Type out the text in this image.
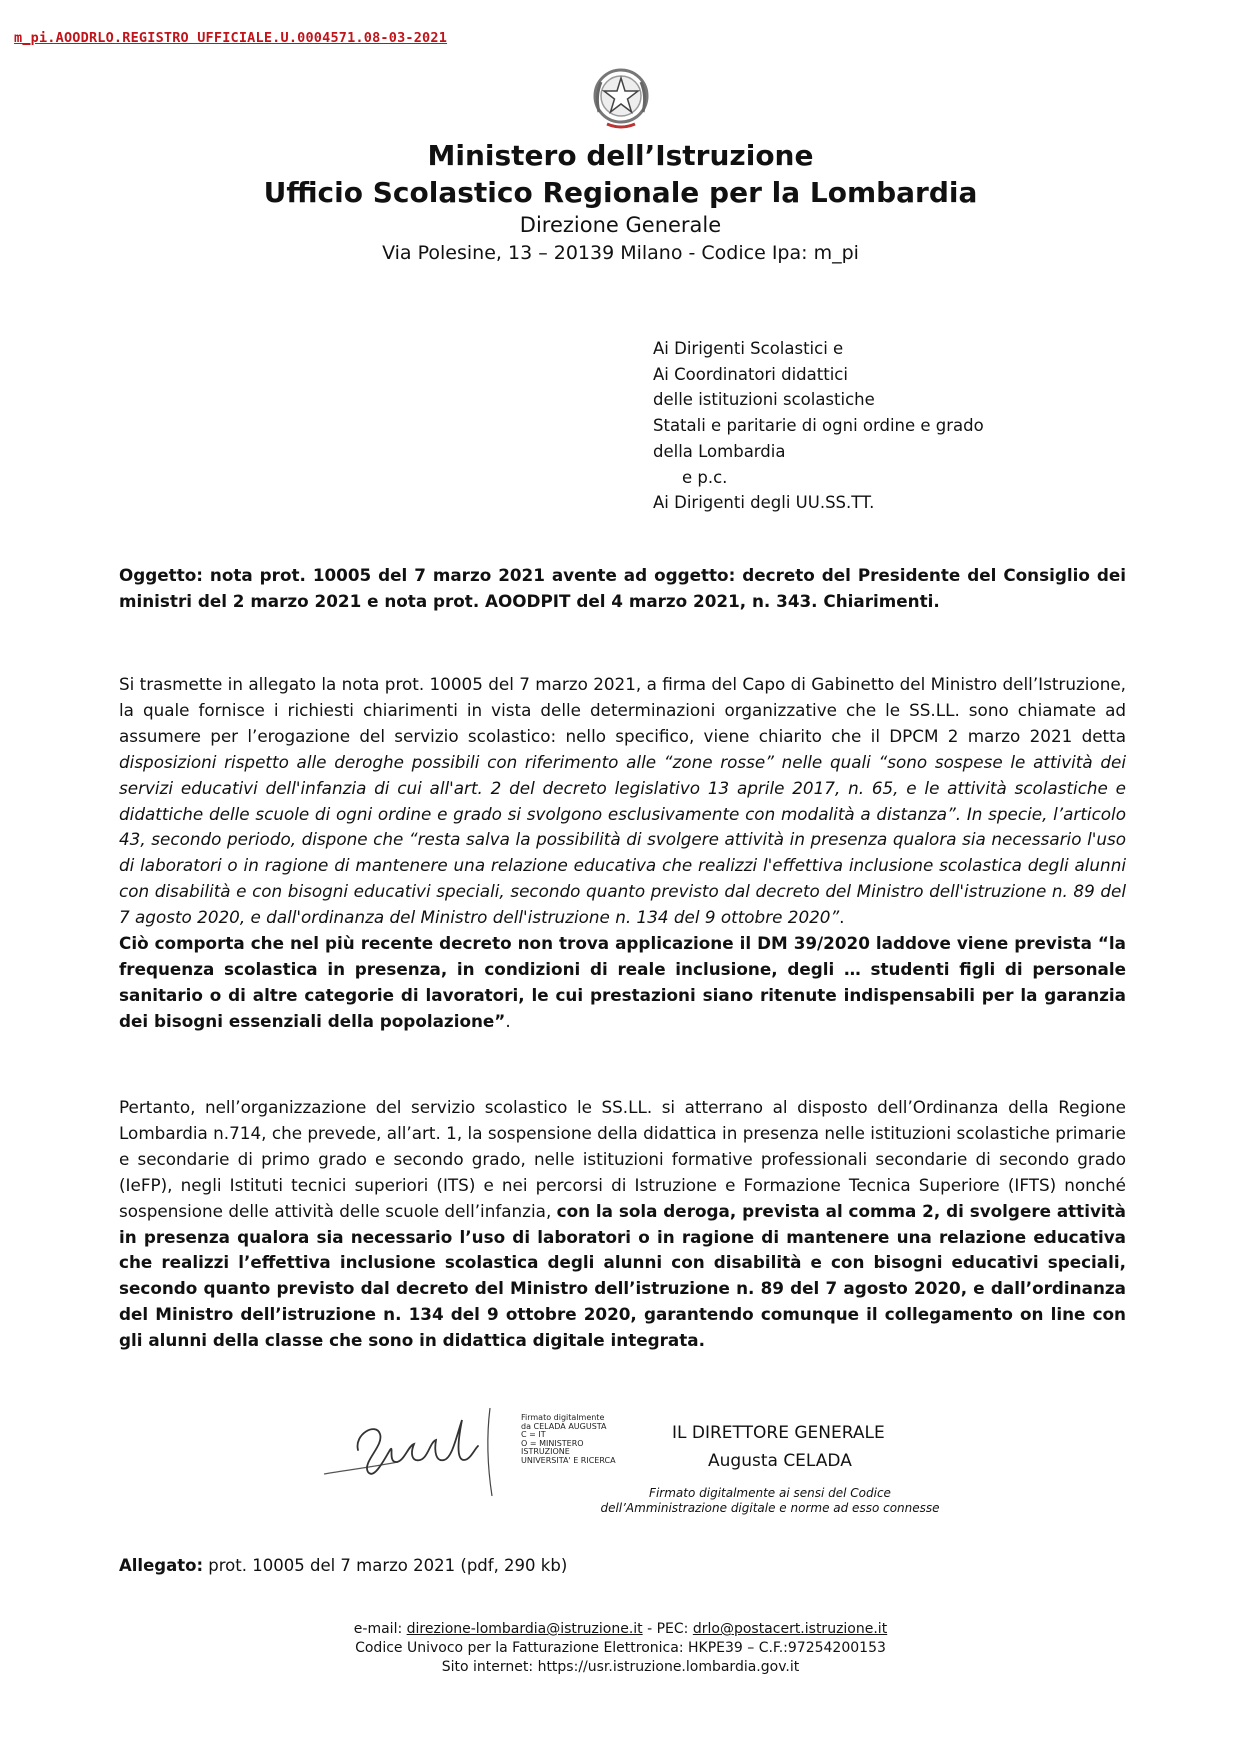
m_pi.AOODRLO.REGISTRO UFFICIALE.U.0004571.08-03-2021
Ministero dell’Istruzione
Ufficio Scolastico Regionale per la Lombardia
Direzione Generale
Via Polesine, 13 – 20139 Milano - Codice Ipa: m_pi
Ai Dirigenti Scolastici e
Ai Coordinatori didattici
delle istituzioni scolastiche
Statali e paritarie di ogni ordine e grado
della Lombardia
e p.c.
Ai Dirigenti degli UU.SS.TT.
Oggetto: nota prot. 10005 del 7 marzo 2021 avente ad oggetto: decreto del Presidente del Consiglio dei ministri del 2 marzo 2021 e nota prot. AOODPIT del 4 marzo 2021, n. 343. Chiarimenti.
Si trasmette in allegato la nota prot. 10005 del 7 marzo 2021, a firma del Capo di Gabinetto del Ministro dell’Istruzione, la quale fornisce i richiesti chiarimenti in vista delle determinazioni organizzative che le SS.LL. sono chiamate ad assumere per l’erogazione del servizio scolastico: nello specifico, viene chiarito che il DPCM 2 marzo 2021 detta disposizioni rispetto alle deroghe possibili con riferimento alle “zone rosse” nelle quali “sono sospese le attività dei servizi educativi dell'infanzia di cui all'art. 2 del decreto legislativo 13 aprile 2017, n. 65, e le attività scolastiche e didattiche delle scuole di ogni ordine e grado si svolgono esclusivamente con modalità a distanza”. In specie, l’articolo 43, secondo periodo, dispone che “resta salva la possibilità di svolgere attività in presenza qualora sia necessario l'uso di laboratori o in ragione di mantenere una relazione educativa che realizzi l'effettiva inclusione scolastica degli alunni con disabilità e con bisogni educativi speciali, secondo quanto previsto dal decreto del Ministro dell'istruzione n. 89 del 7 agosto 2020, e dall'ordinanza del Ministro dell'istruzione n. 134 del 9 ottobre 2020”.
Ciò comporta che nel più recente decreto non trova applicazione il DM 39/2020 laddove viene prevista “la frequenza scolastica in presenza, in condizioni di reale inclusione, degli … studenti figli di personale sanitario o di altre categorie di lavoratori, le cui prestazioni siano ritenute indispensabili per la garanzia dei bisogni essenziali della popolazione”.
Pertanto, nell’organizzazione del servizio scolastico le SS.LL. si atterrano al disposto dell’Ordinanza della Regione Lombardia n.714, che prevede, all’art. 1, la sospensione della didattica in presenza nelle istituzioni scolastiche primarie e secondarie di primo grado e secondo grado, nelle istituzioni formative professionali secondarie di secondo grado (IeFP), negli Istituti tecnici superiori (ITS) e nei percorsi di Istruzione e Formazione Tecnica Superiore (IFTS) nonché sospensione delle attività delle scuole dell’infanzia, con la sola deroga, prevista al comma 2, di svolgere attività in presenza qualora sia necessario l’uso di laboratori o in ragione di mantenere una relazione educativa che realizzi l’effettiva inclusione scolastica degli alunni con disabilità e con bisogni educativi speciali, secondo quanto previsto dal decreto del Ministro dell’istruzione n. 89 del 7 agosto 2020, e dall’ordinanza del Ministro dell’istruzione n. 134 del 9 ottobre 2020, garantendo comunque il collegamento on line con gli alunni della classe che sono in didattica digitale integrata.
Firmato digitalmente
da CELADA AUGUSTA
C = IT
O = MINISTERO
ISTRUZIONE
UNIVERSITA' E RICERCA
IL DIRETTORE GENERALE
Augusta CELADA
Firmato digitalmente ai sensi del Codice
dell’Amministrazione digitale e norme ad esso connesse
Allegato: prot. 10005 del 7 marzo 2021 (pdf, 290 kb)
e-mail: direzione-lombardia@istruzione.it - PEC: drlo@postacert.istruzione.it
Codice Univoco per la Fatturazione Elettronica: HKPE39 – C.F.:97254200153
Sito internet: https://usr.istruzione.lombardia.gov.it
